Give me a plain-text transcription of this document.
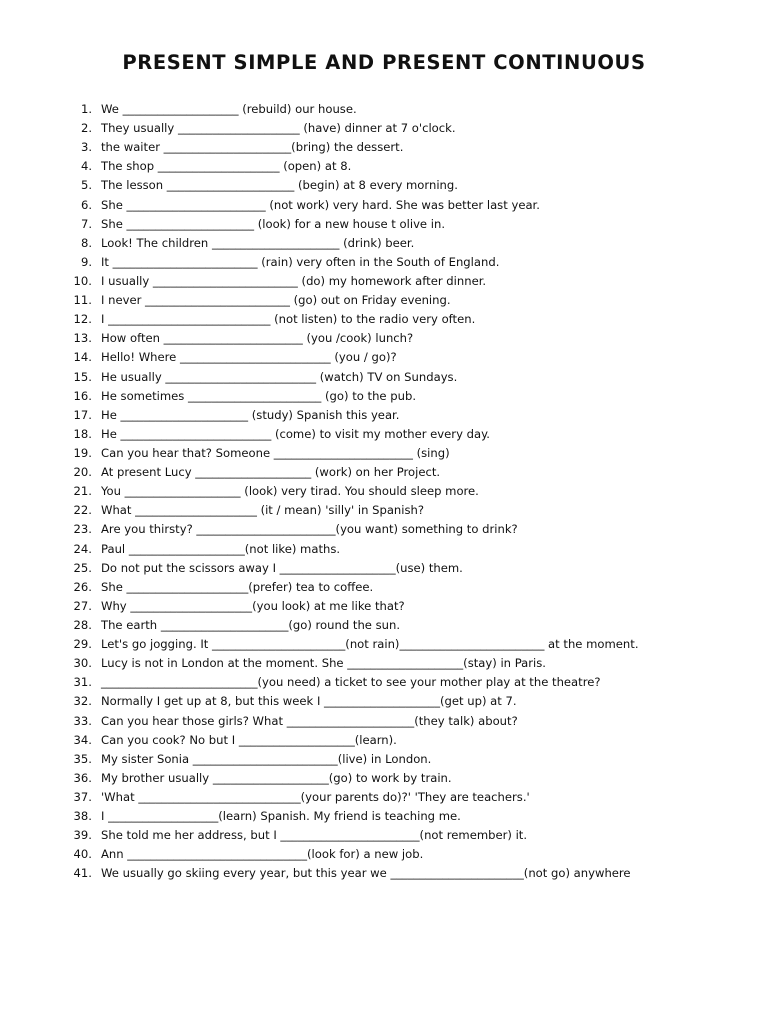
PRESENT SIMPLE AND PRESENT CONTINUOUS
1. We ____________________ (rebuild) our house.
2. They usually _____________________ (have) dinner at 7 o'clock.
3. the waiter ______________________(bring) the dessert.
4. The shop _____________________ (open) at 8.
5. The lesson ______________________ (begin) at 8 every morning.
6. She ________________________ (not work) very hard. She was better last year.
7. She ______________________ (look) for a new house t olive in.
8. Look! The children ______________________ (drink) beer.
9. It _________________________ (rain) very often in the South of England.
10. I usually _________________________ (do) my homework after dinner.
11. I never _________________________ (go) out on Friday evening.
12. I ____________________________ (not listen) to the radio very often.
13. How often ________________________ (you /cook) lunch?
14. Hello! Where __________________________ (you / go)?
15. He usually __________________________ (watch) TV on Sundays.
16. He sometimes _______________________ (go) to the pub.
17. He ______________________ (study) Spanish this year.
18. He __________________________ (come) to visit my mother every day.
19. Can you hear that? Someone ________________________ (sing)
20. At present Lucy ____________________ (work) on her Project.
21. You ____________________ (look) very tirad. You should sleep more.
22. What _____________________ (it / mean) 'silly' in Spanish?
23. Are you thirsty? ________________________(you want) something to drink?
24. Paul ____________________(not like) maths.
25. Do not put the scissors away I ____________________(use) them.
26. She _____________________(prefer) tea to coffee.
27. Why _____________________(you look) at me like that?
28. The earth ______________________(go) round the sun.
29. Let's go jogging. It _______________________(not rain)_________________________ at the moment.
30. Lucy is not in London at the moment. She ____________________(stay) in Paris.
31. ___________________________(you need) a ticket to see your mother play at the theatre?
32. Normally I get up at 8, but this week I ____________________(get up) at 7.
33. Can you hear those girls? What ______________________(they talk) about?
34. Can you cook? No but I ____________________(learn).
35. My sister Sonia _________________________(live) in London.
36. My brother usually ____________________(go) to work by train.
37. 'What ____________________________(your parents do)?' 'They are teachers.'
38. I ___________________(learn) Spanish. My friend is teaching me.
39. She told me her address, but I ________________________(not remember) it.
40. Ann _______________________________(look for) a new job.
41. We usually go skiing every year, but this year we _______________________(not go) anywhere
